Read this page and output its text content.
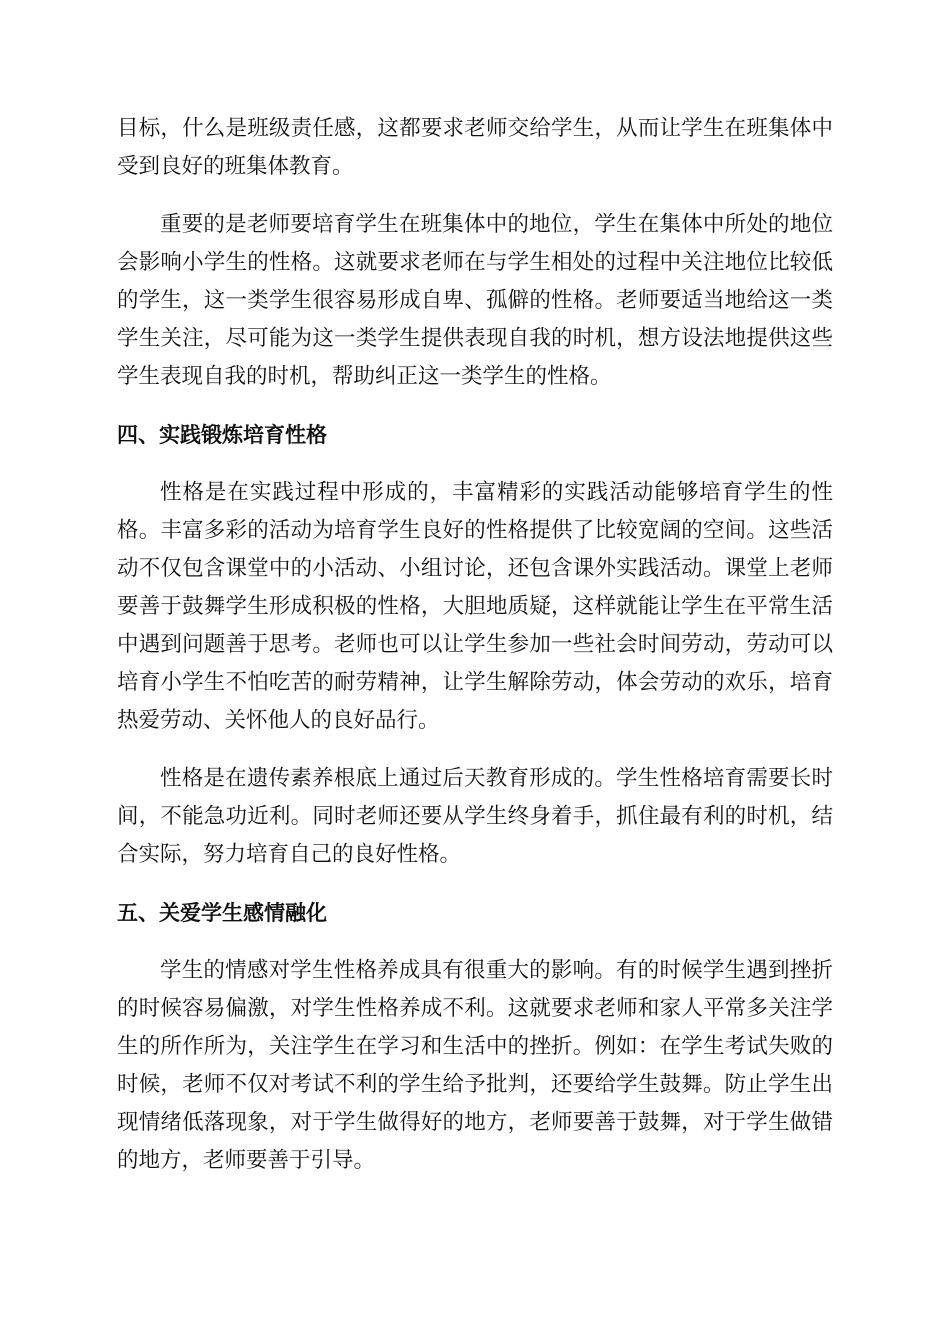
目标，什么是班级责任感，这都要求老师交给学生，从而让学生在班集体中受到良好的班集体教育。

重要的是老师要培育学生在班集体中的地位，学生在集体中所处的地位会影响小学生的性格。这就要求老师在与学生相处的过程中关注地位比较低的学生，这一类学生很容易形成自卑、孤僻的性格。老师要适当地给这一类学生关注，尽可能为这一类学生提供表现自我的时机，想方设法地提供这些学生表现自我的时机，帮助纠正这一类学生的性格。

四、实践锻炼培育性格

性格是在实践过程中形成的，丰富精彩的实践活动能够培育学生的性格。丰富多彩的活动为培育学生良好的性格提供了比较宽阔的空间。这些活动不仅包含课堂中的小活动、小组讨论，还包含课外实践活动。课堂上老师要善于鼓舞学生形成积极的性格，大胆地质疑，这样就能让学生在平常生活中遇到问题善于思考。老师也可以让学生参加一些社会时间劳动，劳动可以培育小学生不怕吃苦的耐劳精神，让学生解除劳动，体会劳动的欢乐，培育热爱劳动、关怀他人的良好品行。

性格是在遗传素养根底上通过后天教育形成的。学生性格培育需要长时间，不能急功近利。同时老师还要从学生终身着手，抓住最有利的时机，结合实际，努力培育自己的良好性格。

五、关爱学生感情融化

学生的情感对学生性格养成具有很重大的影响。有的时候学生遇到挫折的时候容易偏激，对学生性格养成不利。这就要求老师和家人平常多关注学生的所作所为，关注学生在学习和生活中的挫折。例如：在学生考试失败的时候，老师不仅对考试不利的学生给予批判，还要给学生鼓舞。防止学生出现情绪低落现象，对于学生做得好的地方，老师要善于鼓舞，对于学生做错的地方，老师要善于引导。
